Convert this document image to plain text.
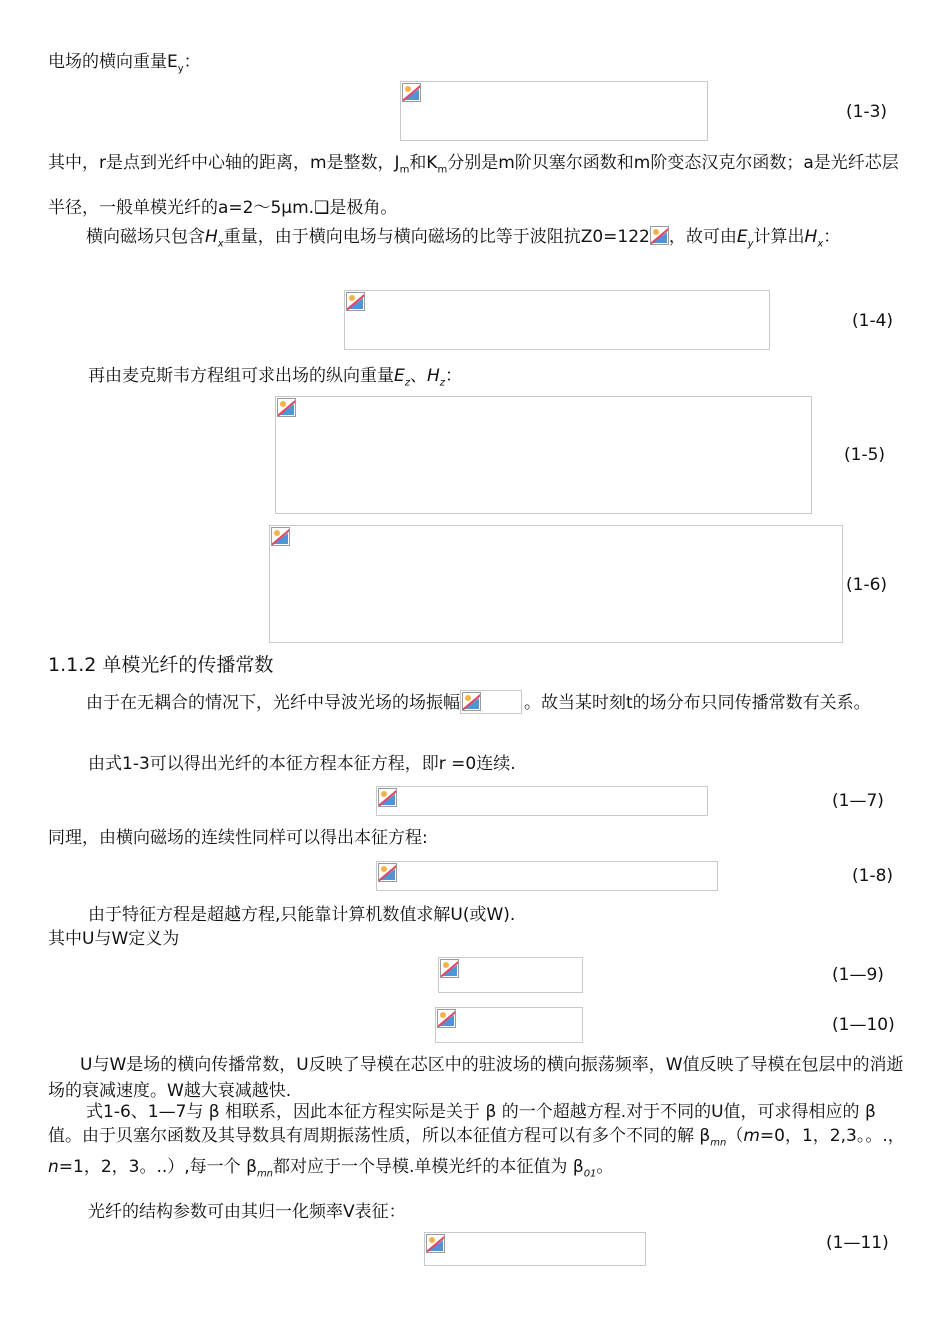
电场的横向重量$E_y$：
(1-3)
其中，r是点到光纤中心轴的距离，m是整数，$J_m$和$K_m$分别是m阶贝塞尔函数和m阶变态汉克尔函数；a是光纤芯层半径，一般单模光纤的a=2～5μm.❑是极角。
横向磁场只包含$H_x$重量，由于横向电场与横向磁场的比等于波阻抗Z0=122 ，故可由$E_y$计算出$H_x$：
(1-4)
再由麦克斯韦方程组可求出场的纵向重量$E_z$、$H_z$：
(1-5)
(1-6)
1.1.2 单模光纤的传播常数
由于在无耦合的情况下，光纤中导波光场的场振幅	。故当某时刻t的场分布只同传播常数有关系。
由式1-3可以得出光纤的本征方程本征方程，即r =0连续.
(1—7)
同理，由横向磁场的连续性同样可以得出本征方程:
(1-8)
由于特征方程是超越方程,只能靠计算机数值求解U(或W).
其中U与W定义为
(1—9)
(1—10)
U与W是场的横向传播常数，U反映了导模在芯区中的驻波场的横向振荡频率，W值反映了导模在包层中的消逝场的衰减速度。W越大衰减越快.
式1-6、1—7与 β 相联系，因此本征方程实际是关于 β 的一个超越方程.对于不同的U值，可求得相应的 β 值。由于贝塞尔函数及其导数具有周期振荡性质，所以本征值方程可以有多个不同的解 $\beta_{mn}(m=0$，1，2,3。。.，n=1，2，3。..）,每一个 $\beta_{mn}$都对应于一个导模.单模光纤的本征值为 $\beta_{01}$。
光纤的结构参数可由其归一化频率V表征：
(1—11)
